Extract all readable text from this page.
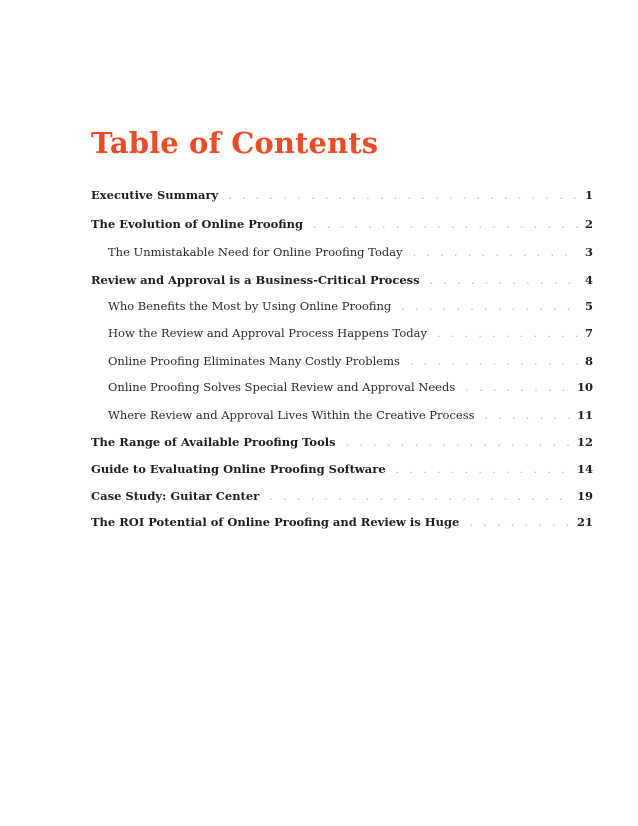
Table of Contents
Executive Summary . . .	1
The Evolution of Online Proofing . . .	2
The Unmistakable Need for Online Proofing Today . . .	3
Review and Approval is a Business-Critical Process . . .	4
Who Benefits the Most by Using Online Proofing . . .	5
How the Review and Approval Process Happens Today . . .	7
Online Proofing Eliminates Many Costly Problems . . .	8
Online Proofing Solves Special Review and Approval Needs . . .	10
Where Review and Approval Lives Within the Creative Process . . .	11
The Range of Available Proofing Tools . . .	12
Guide to Evaluating Online Proofing Software . . .	14
Case Study: Guitar Center . . .	19
The ROI Potential of Online Proofing and Review is Huge . . .	21
